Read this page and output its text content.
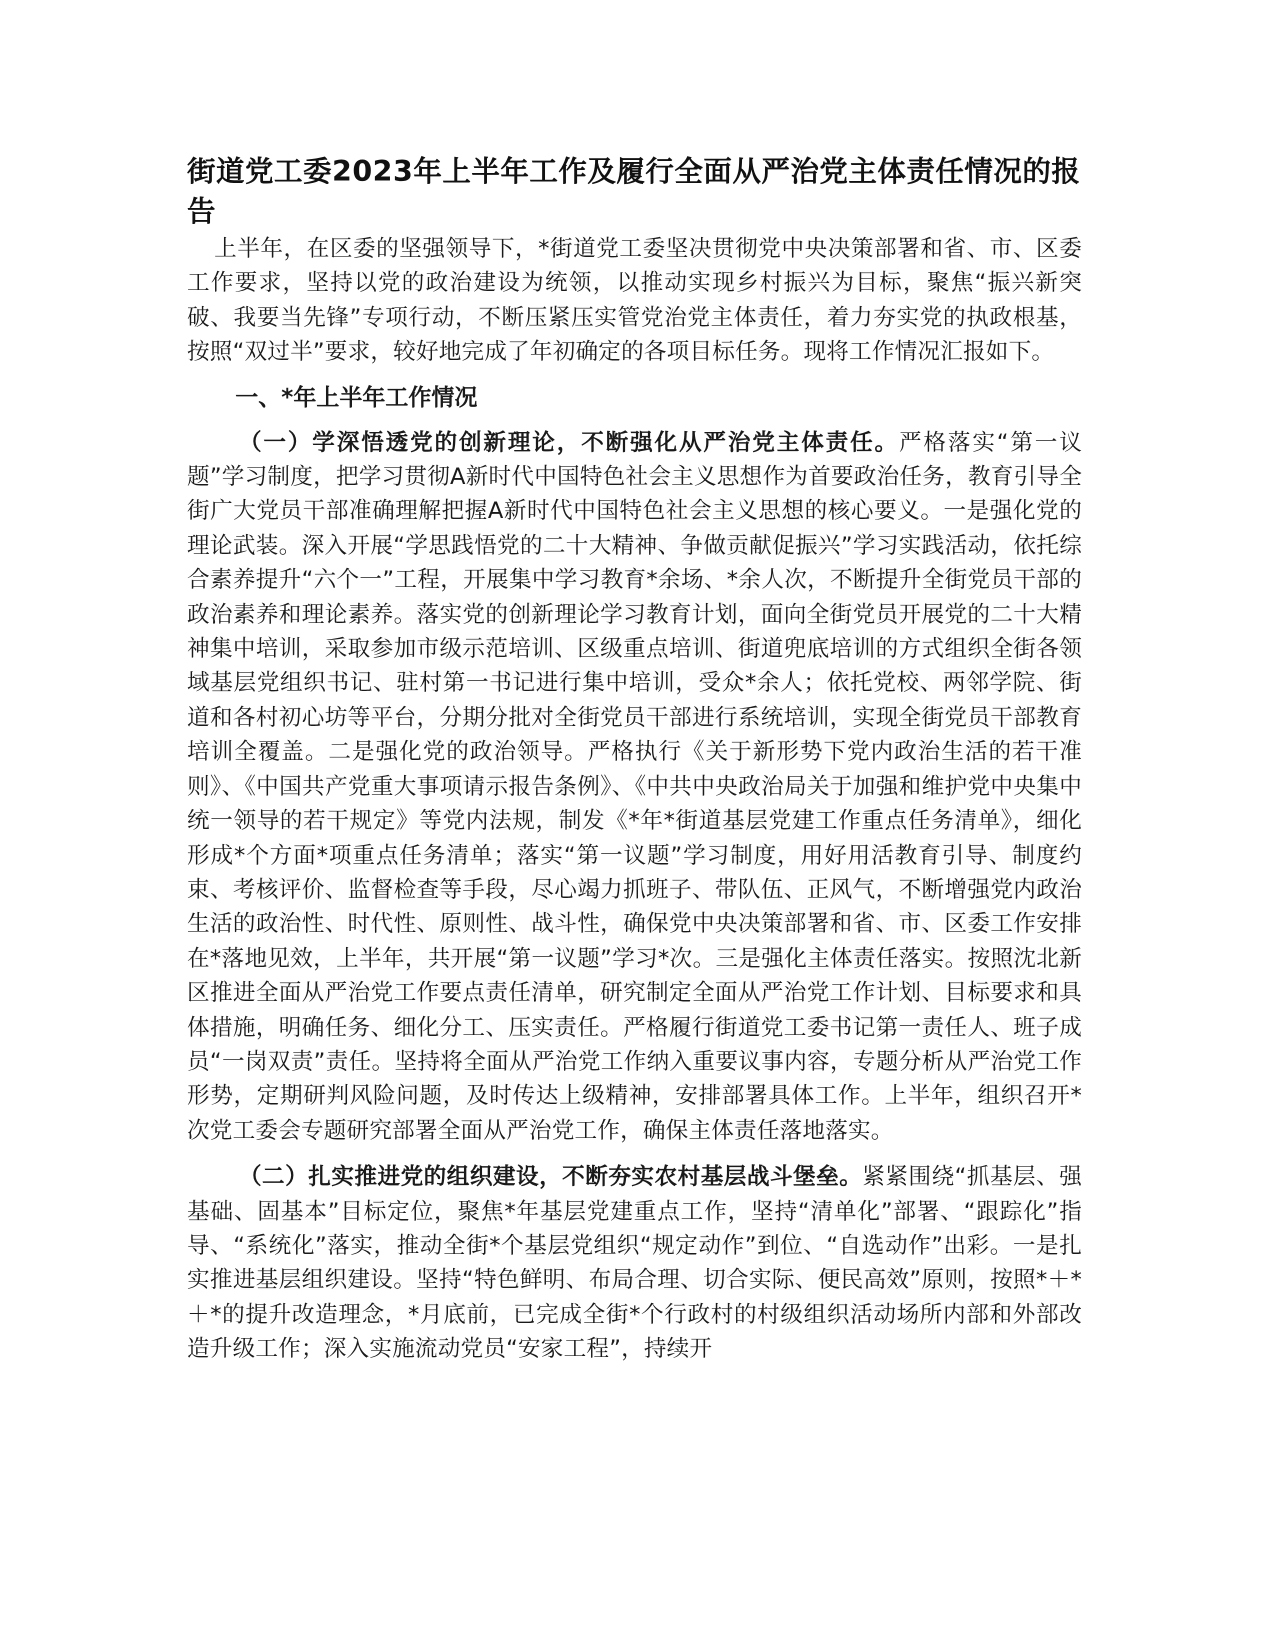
街道党工委2023年上半年工作及履行全面从严治党主体责任情况的报告

上半年，在区委的坚强领导下，*街道党工委坚决贯彻党中央决策部署和省、市、区委工作要求，坚持以党的政治建设为统领，以推动实现乡村振兴为目标，聚焦“振兴新突破、我要当先锋”专项行动，不断压紧压实管党治党主体责任，着力夯实党的执政根基，按照“双过半”要求，较好地完成了年初确定的各项目标任务。现将工作情况汇报如下。

一、*年上半年工作情况

（一）学深悟透党的创新理论，不断强化从严治党主体责任。严格落实“第一议题”学习制度，把学习贯彻A新时代中国特色社会主义思想作为首要政治任务，教育引导全街广大党员干部准确理解把握A新时代中国特色社会主义思想的核心要义。一是强化党的理论武装。深入开展“学思践悟党的二十大精神、争做贡献促振兴”学习实践活动，依托综合素养提升“六个一”工程，开展集中学习教育*余场、*余人次，不断提升全街党员干部的政治素养和理论素养。落实党的创新理论学习教育计划，面向全街党员开展党的二十大精神集中培训，采取参加市级示范培训、区级重点培训、街道兜底培训的方式组织全街各领域基层党组织书记、驻村第一书记进行集中培训，受众*余人；依托党校、两邻学院、街道和各村初心坊等平台，分期分批对全街党员干部进行系统培训，实现全街党员干部教育培训全覆盖。二是强化党的政治领导。严格执行《关于新形势下党内政治生活的若干准则》、《中国共产党重大事项请示报告条例》、《中共中央政治局关于加强和维护党中央集中统一领导的若干规定》等党内法规，制发《*年*街道基层党建工作重点任务清单》，细化形成*个方面*项重点任务清单；落实“第一议题”学习制度，用好用活教育引导、制度约束、考核评价、监督检查等手段，尽心竭力抓班子、带队伍、正风气，不断增强党内政治生活的政治性、时代性、原则性、战斗性，确保党中央决策部署和省、市、区委工作安排在*落地见效，上半年，共开展“第一议题”学习*次。三是强化主体责任落实。按照沈北新区推进全面从严治党工作要点责任清单，研究制定全面从严治党工作计划、目标要求和具体措施，明确任务、细化分工、压实责任。严格履行街道党工委书记第一责任人、班子成员“一岗双责”责任。坚持将全面从严治党工作纳入重要议事内容，专题分析从严治党工作形势，定期研判风险问题，及时传达上级精神，安排部署具体工作。上半年，组织召开*次党工委会专题研究部署全面从严治党工作，确保主体责任落地落实。

（二）扎实推进党的组织建设，不断夯实农村基层战斗堡垒。紧紧围绕“抓基层、强基础、固基本”目标定位，聚焦*年基层党建重点工作，坚持“清单化”部署、“跟踪化”指导、“系统化”落实，推动全街*个基层党组织“规定动作”到位、“自选动作”出彩。一是扎实推进基层组织建设。坚持“特色鲜明、布局合理、切合实际、便民高效”原则，按照*＋*＋*的提升改造理念，*月底前，已完成全街*个行政村的村级组织活动场所内部和外部改造升级工作；深入实施流动党员“安家工程”，持续开
